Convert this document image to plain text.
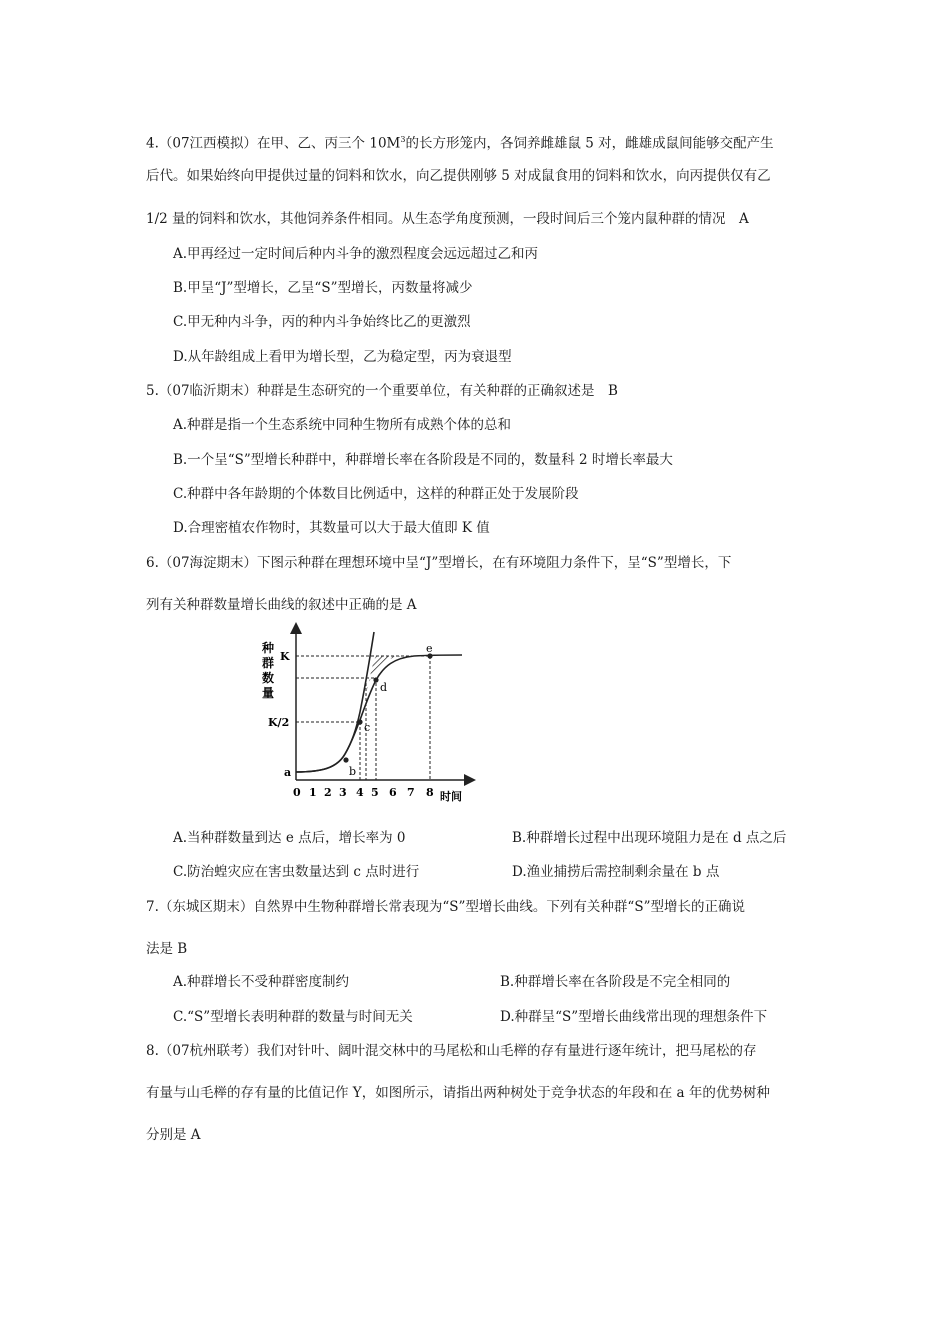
4.（07江西模拟）在甲、乙、丙三个 $10M^3$的长方形笼内，各饲养雌雄鼠 5 对，雌雄成鼠间能够交配产生
后代。如果始终向甲提供过量的饲料和饮水，向乙提供刚够 5 对成鼠食用的饲料和饮水，向丙提供仅有乙
1/2 量的饲料和饮水，其他饲养条件相同。从生态学角度预测，一段时间后三个笼内鼠种群的情况　A
A.甲再经过一定时间后种内斗争的激烈程度会远远超过乙和丙
B.甲呈“J”型增长，乙呈“S”型增长，丙数量将减少
C.甲无种内斗争，丙的种内斗争始终比乙的更激烈
D.从年龄组成上看甲为增长型，乙为稳定型，丙为衰退型
5.（07临沂期末）种群是生态研究的一个重要单位，有关种群的正确叙述是　B
A.种群是指一个生态系统中同种生物所有成熟个体的总和
B.一个呈“S”型增长种群中，种群增长率在各阶段是不同的，数量科 2 时增长率最大
C.种群中各年龄期的个体数目比例适中，这样的种群正处于发展阶段
D.合理密植农作物时，其数量可以大于最大值即 K 值
6.（07海淀期末）下图示种群在理想环境中呈“J”型增长，在有环境阻力条件下，呈“S”型增长，下
列有关种群数量增长曲线的叙述中正确的是 A
b
c
d
e
K
K/2
a
种
群
数
量
0 1 2 3 4 5 6 7 8 时间
A.当种群数量到达 e 点后，增长率为 0	B.种群增长过程中出现环境阻力是在 d 点之后
C.防治蝗灾应在害虫数量达到 c 点时进行	D.渔业捕捞后需控制剩余量在 b 点
7.（东城区期末）自然界中生物种群增长常表现为“S”型增长曲线。下列有关种群“S”型增长的正确说
法是 B
A.种群增长不受种群密度制约	B.种群增长率在各阶段是不完全相同的
C.“S”型增长表明种群的数量与时间无关	D.种群呈“S”型增长曲线常出现的理想条件下
8.（07杭州联考）我们对针叶、阔叶混交林中的马尾松和山毛榉的存有量进行逐年统计，把马尾松的存
有量与山毛榉的存有量的比值记作 Y，如图所示，请指出两种树处于竞争状态的年段和在 a 年的优势树种
分别是 A
